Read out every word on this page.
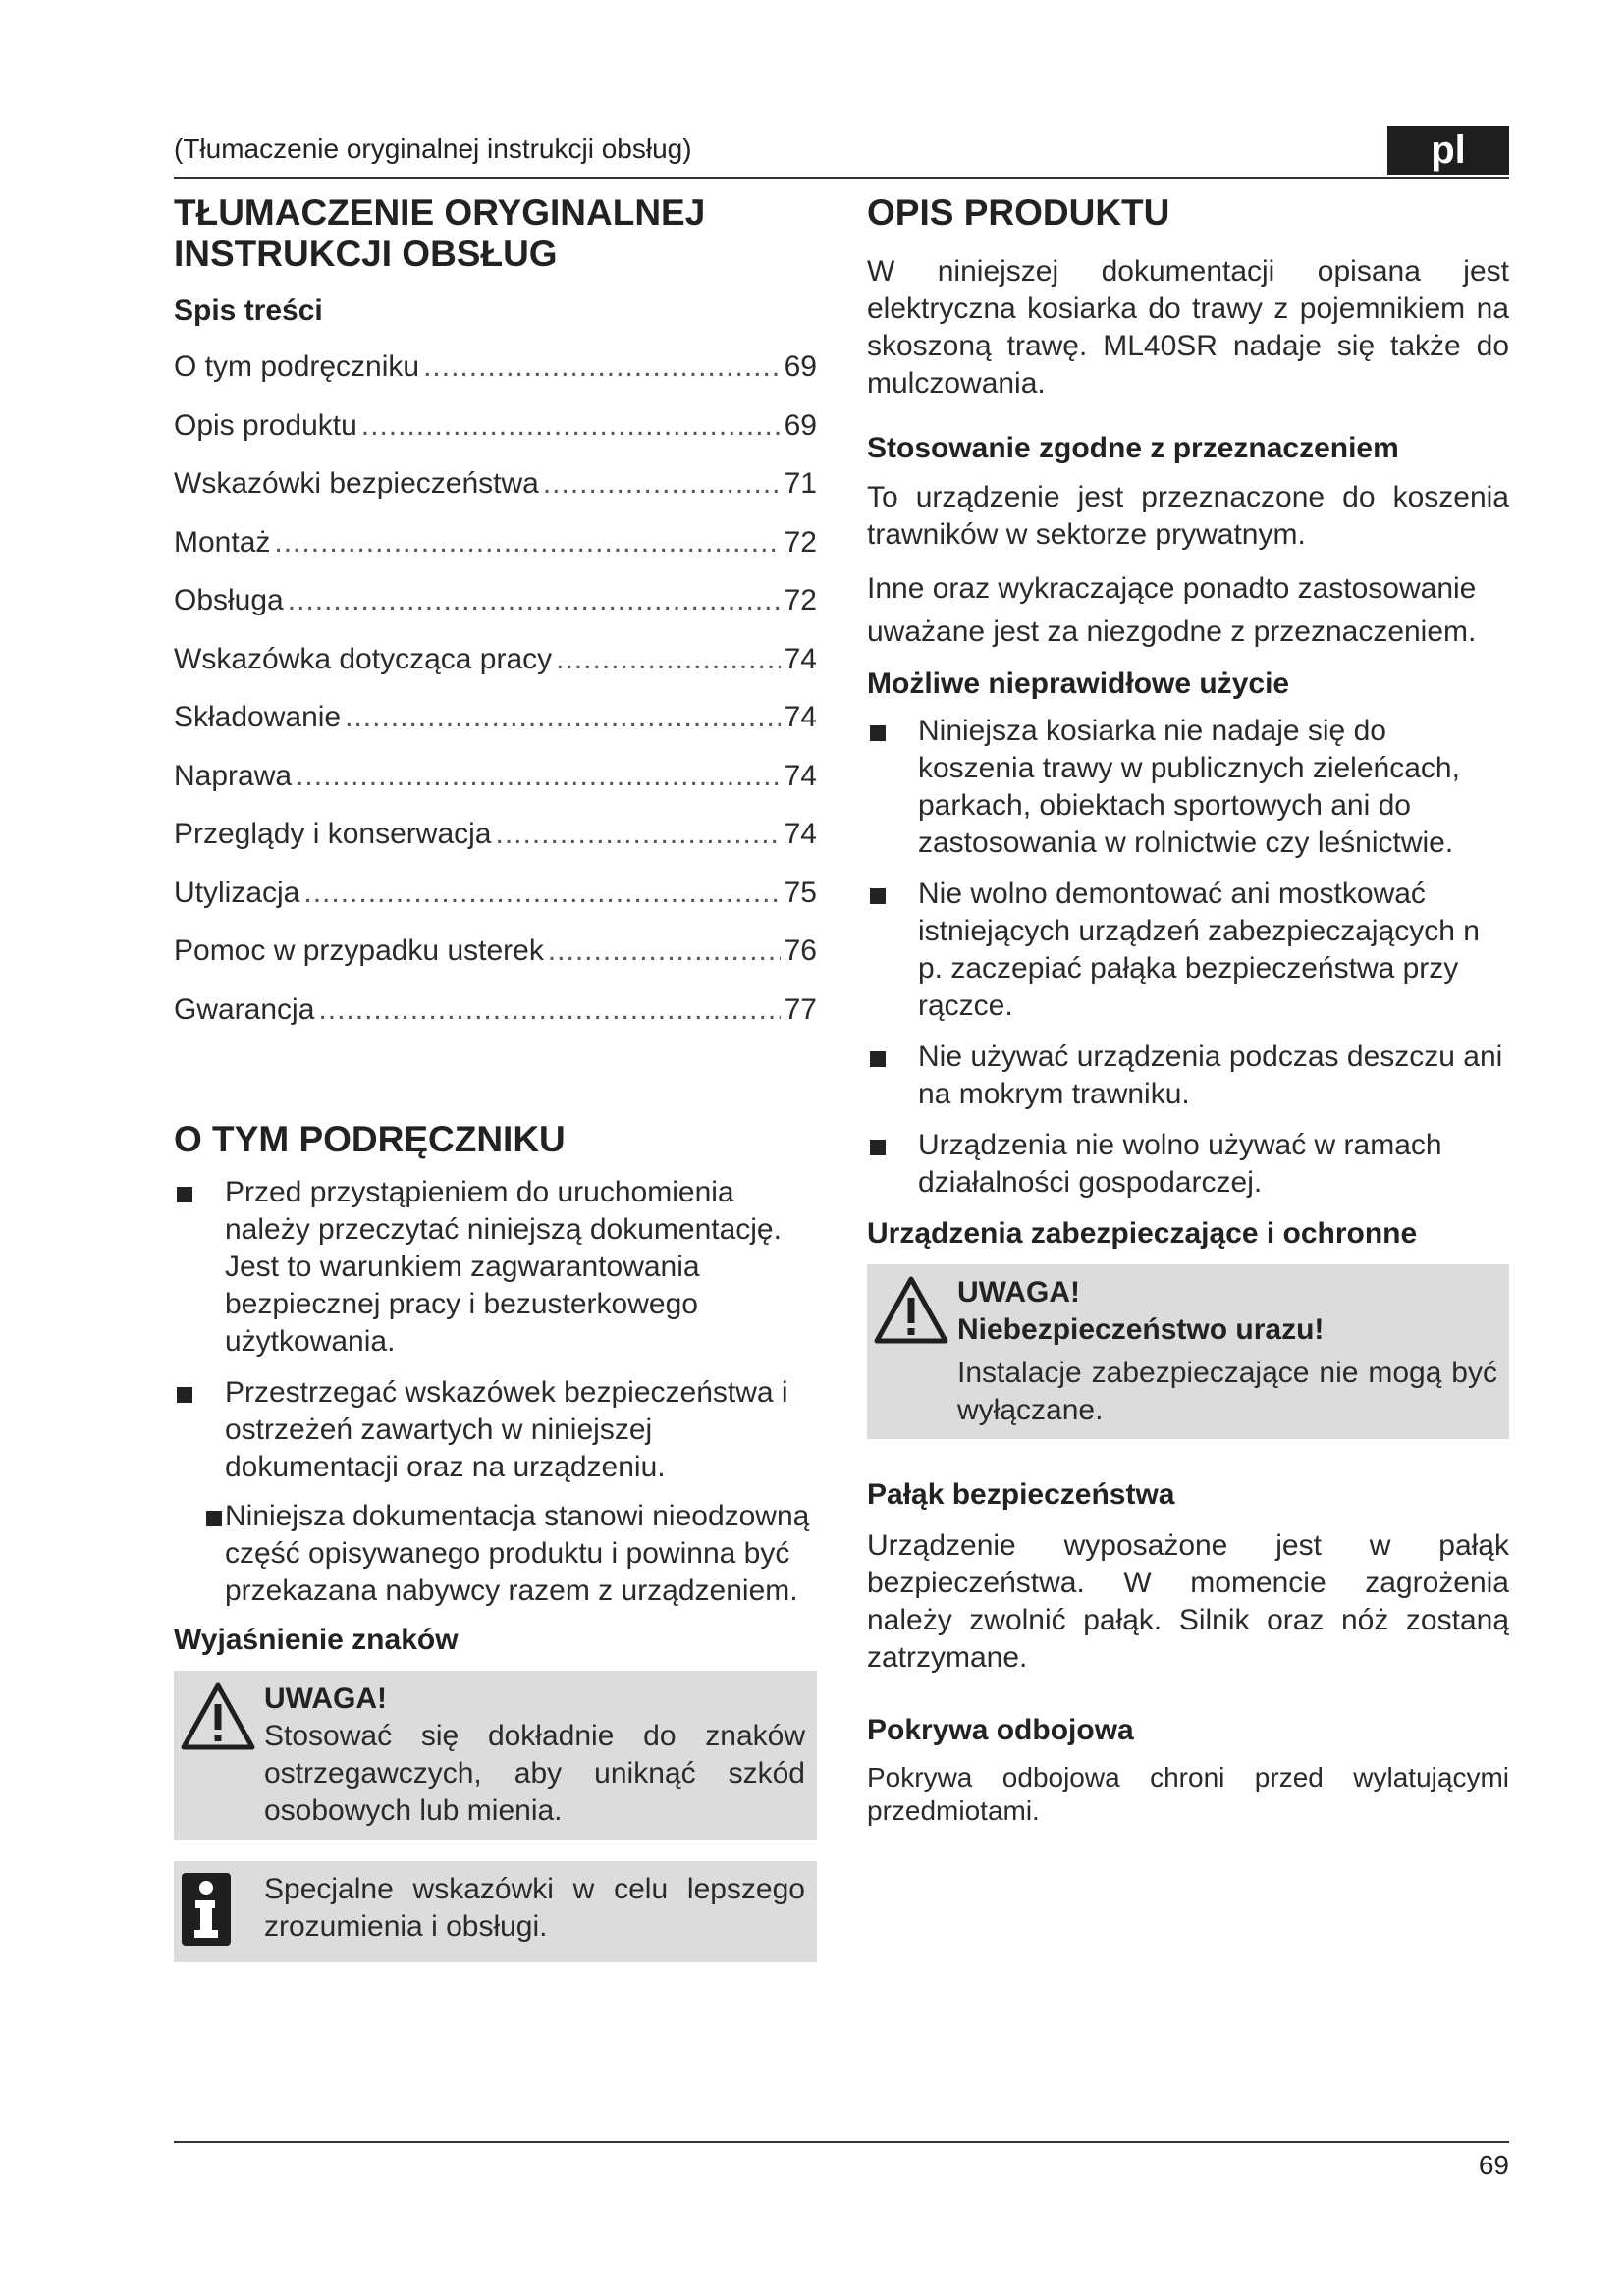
(Tłumaczenie oryginalnej instrukcji obsług)	pl
TŁUMACZENIE ORYGINALNEJ
INSTRUKCJI OBSŁUG
Spis treści
O tym podręczniku .....	69
Opis produktu .....	69
Wskazówki bezpieczeństwa .....	71
Montaż .....	72
Obsługa .....	72
Wskazówka dotycząca pracy .....	74
Składowanie .....	74
Naprawa .....	74
Przeglądy i konserwacja .....	74
Utylizacja .....	75
Pomoc w przypadku usterek .....	76
Gwarancja .....	77
O TYM PODRĘCZNIKU
Przed przystąpieniem do uruchomienia należy przeczytać niniejszą dokumentację. Jest to warunkiem zagwarantowania bezpiecznej pracy i bezusterkowego użytkowania.
Przestrzegać wskazówek bezpieczeństwa i ostrzeżeń zawartych w niniejszej dokumentacji oraz na urządzeniu.
Niniejsza dokumentacja stanowi nieodzowną część opisywanego produktu i powinna być przekazana nabywcy razem z urządzeniem.
Wyjaśnienie znaków
UWAGA!

Stosować się dokładnie do znaków ostrzegawczych, aby uniknąć szkód osobowych lub mienia.

Specjalne wskazówki w celu lepszego zrozumienia i obsługi.

OPIS PRODUKTU

W niniejszej dokumentacji opisana jest elektryczna kosiarka do trawy z pojemnikiem na skoszoną trawę. ML40SR nadaje się także do mulczowania.

Stosowanie zgodne z przeznaczeniem

To urządzenie jest przeznaczone do koszenia trawników w sektorze prywatnym.

Inne oraz wykraczające ponadto zastosowanie uważane jest za niezgodne z przeznaczeniem.

Możliwe nieprawidłowe użycie
Niniejsza kosiarka nie nadaje się do koszenia trawy w publicznych zieleńcach, parkach, obiektach sportowych ani do zastosowania w rolnictwie czy leśnictwie.
Nie wolno demontować ani mostkować istniejących urządzeń zabezpieczających n p. zaczepiać pałąka bezpieczeństwa przy rączce.
Nie używać urządzenia podczas deszczu ani na mokrym trawniku.
Urządzenia nie wolno używać w ramach działalności gospodarczej.
Urządzenia zabezpieczające i ochronne
UWAGA!
Niebezpieczeństwo urazu!

Instalacje zabezpieczające nie mogą być wyłączane.

Pałąk bezpieczeństwa

Urządzenie wyposażone jest w pałąk bezpieczeństwa. W momencie zagrożenia należy zwolnić pałąk. Silnik oraz nóż zostaną zatrzymane.

Pokrywa odbojowa

Pokrywa odbojowa chroni przed wylatującymi przedmiotami.

69
